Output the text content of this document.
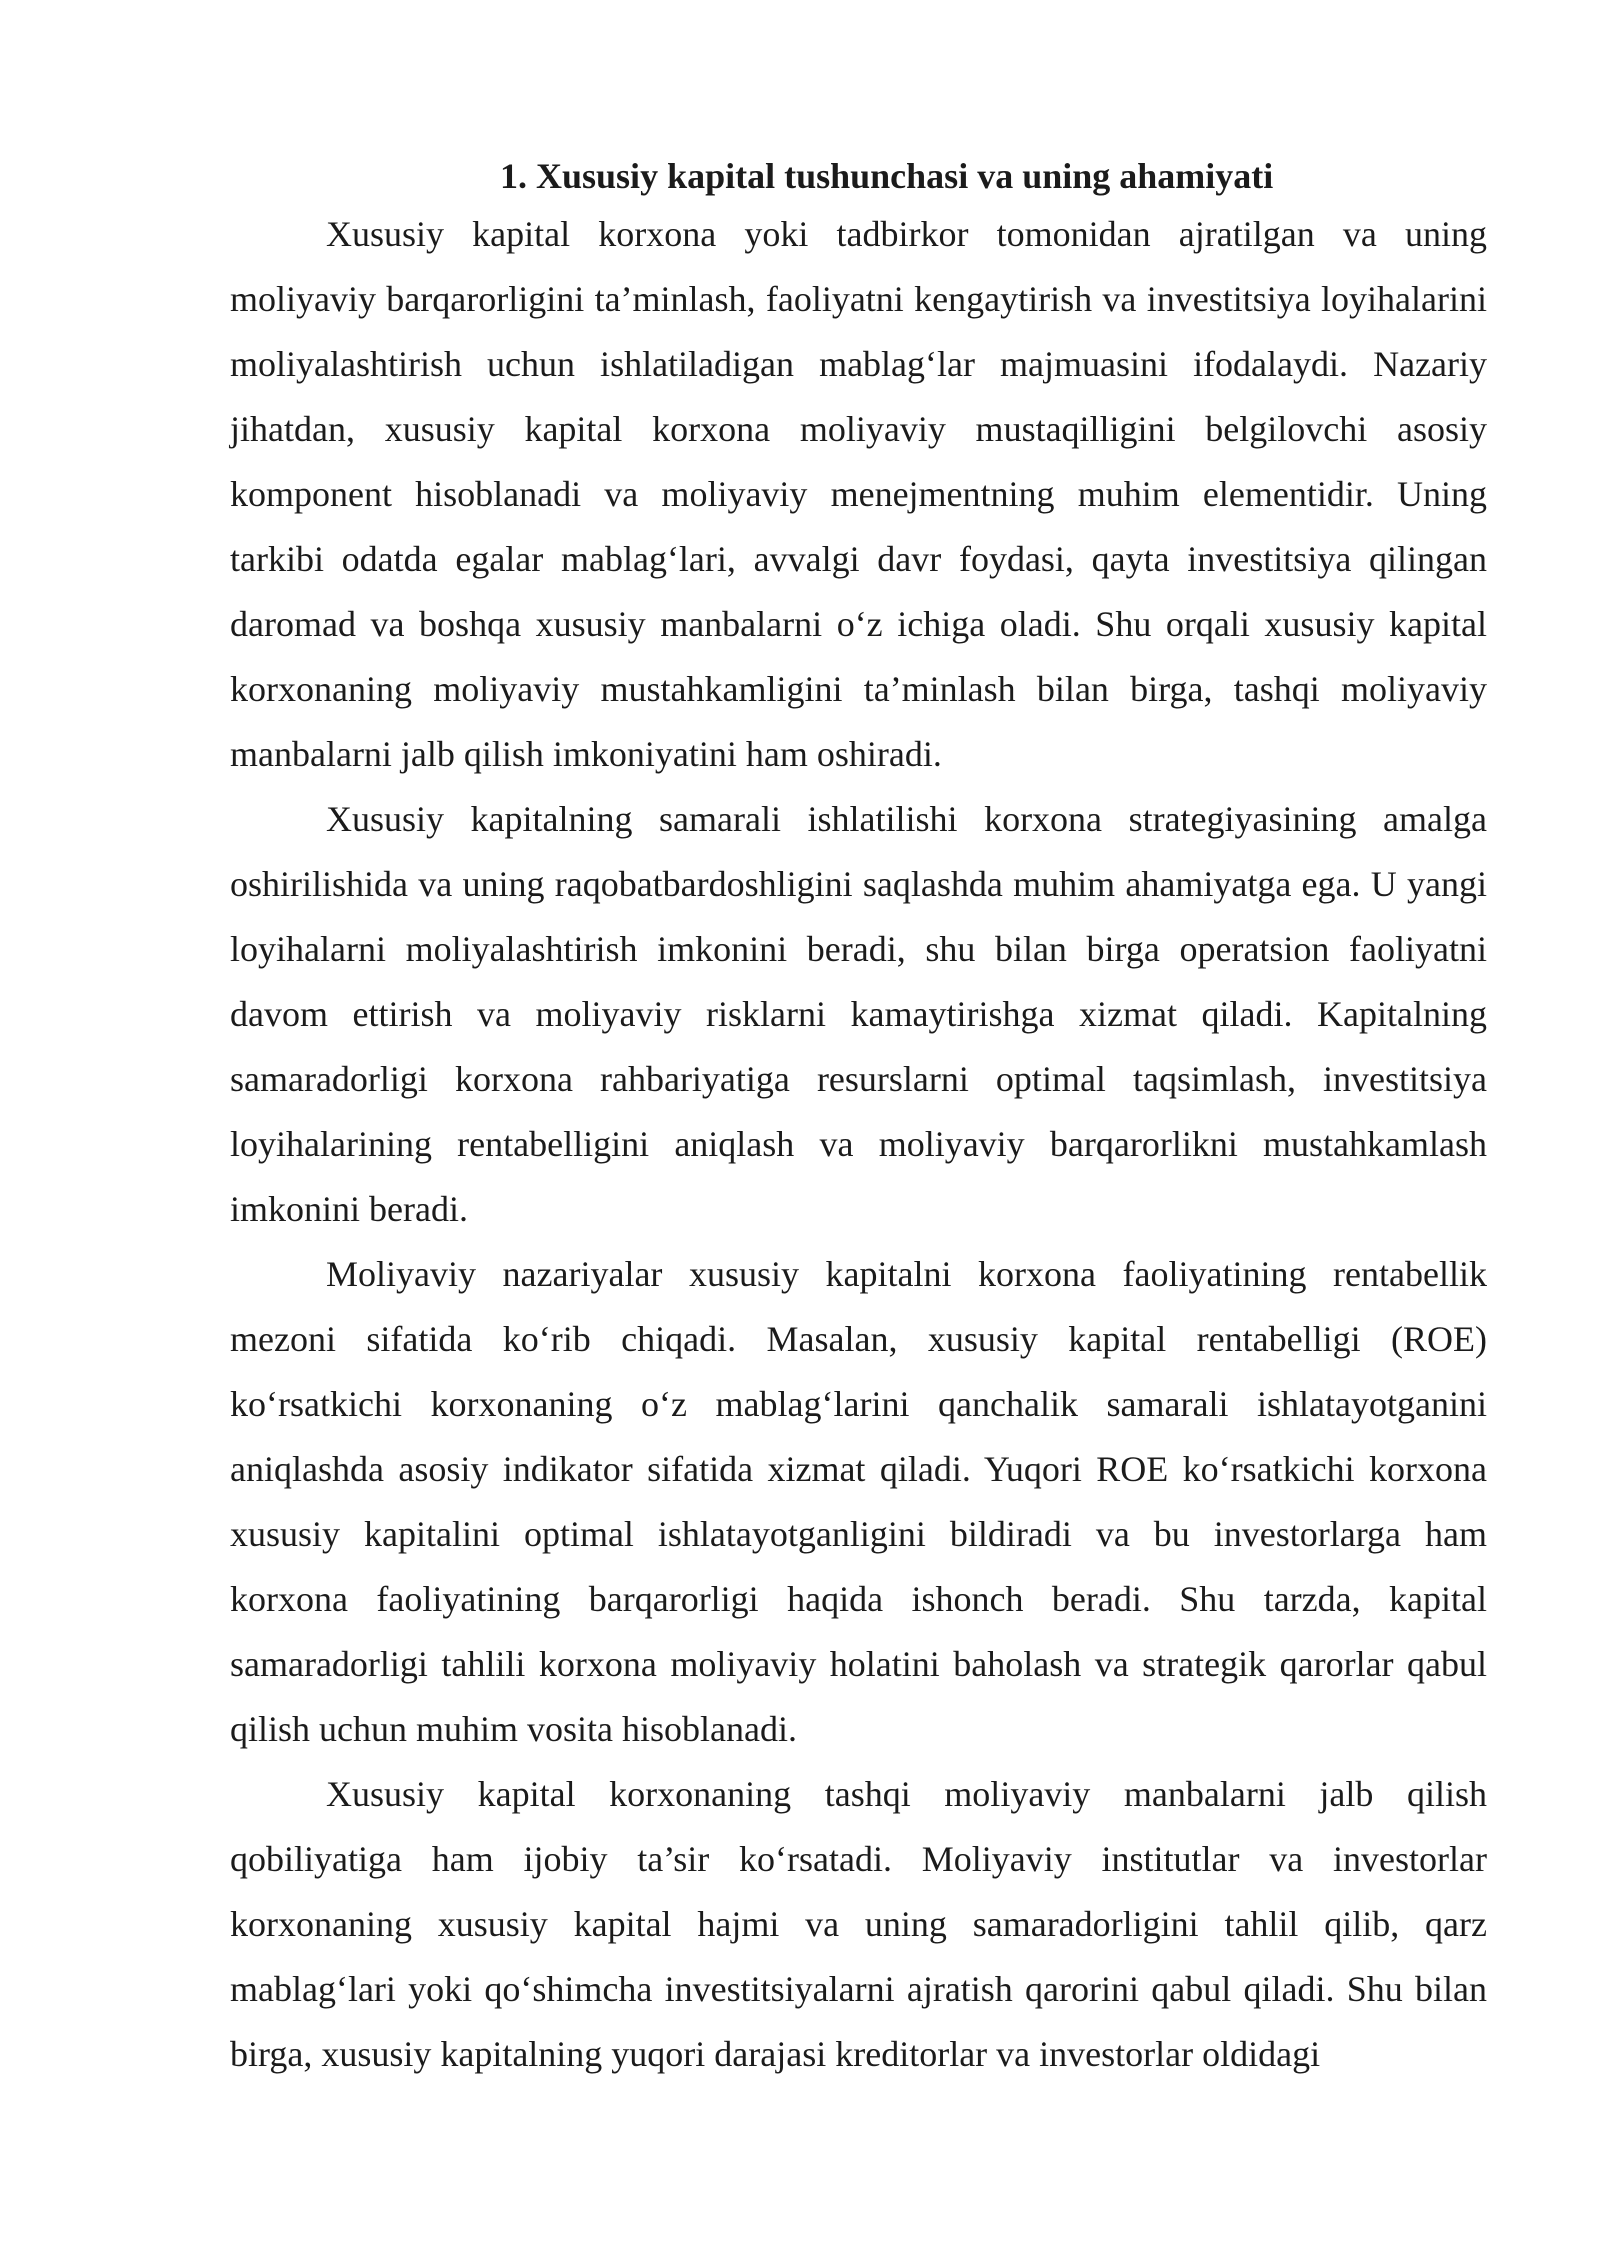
1. Xususiy kapital tushunchasi va uning ahamiyati

Xususiy kapital korxona yoki tadbirkor tomonidan ajratilgan va uning moliyaviy barqarorligini ta’minlash, faoliyatni kengaytirish va investitsiya loyihalarini moliyalashtirish uchun ishlatiladigan mablag‘lar majmuasini ifodalaydi. Nazariy jihatdan, xususiy kapital korxona moliyaviy mustaqilligini belgilovchi asosiy komponent hisoblanadi va moliyaviy menejmentning muhim elementidir. Uning tarkibi odatda egalar mablag‘lari, avvalgi davr foydasi, qayta investitsiya qilingan daromad va boshqa xususiy manbalarni o‘z ichiga oladi. Shu orqali xususiy kapital korxonaning moliyaviy mustahkamligini ta’minlash bilan birga, tashqi moliyaviy manbalarni jalb qilish imkoniyatini ham oshiradi.

Xususiy kapitalning samarali ishlatilishi korxona strategiyasining amalga oshirilishida va uning raqobatbardoshligini saqlashda muhim ahamiyatga ega. U yangi loyihalarni moliyalashtirish imkonini beradi, shu bilan birga operatsion faoliyatni davom ettirish va moliyaviy risklarni kamaytirishga xizmat qiladi. Kapitalning samaradorligi korxona rahbariyatiga resurslarni optimal taqsimlash, investitsiya loyihalarining rentabelligini aniqlash va moliyaviy barqarorlikni mustahkamlash imkonini beradi.

Moliyaviy nazariyalar xususiy kapitalni korxona faoliyatining rentabellik mezoni sifatida ko‘rib chiqadi. Masalan, xususiy kapital rentabelligi (ROE) ko‘rsatkichi korxonaning o‘z mablag‘larini qanchalik samarali ishlatayotganini aniqlashda asosiy indikator sifatida xizmat qiladi. Yuqori ROE ko‘rsatkichi korxona xususiy kapitalini optimal ishlatayotganligini bildiradi va bu investorlarga ham korxona faoliyatining barqarorligi haqida ishonch beradi. Shu tarzda, kapital samaradorligi tahlili korxona moliyaviy holatini baholash va strategik qarorlar qabul qilish uchun muhim vosita hisoblanadi.

Xususiy kapital korxonaning tashqi moliyaviy manbalarni jalb qilish qobiliyatiga ham ijobiy ta’sir ko‘rsatadi. Moliyaviy institutlar va investorlar korxonaning xususiy kapital hajmi va uning samaradorligini tahlil qilib, qarz mablag‘lari yoki qo‘shimcha investitsiyalarni ajratish qarorini qabul qiladi. Shu bilan birga, xususiy kapitalning yuqori darajasi kreditorlar va investorlar oldidagi
